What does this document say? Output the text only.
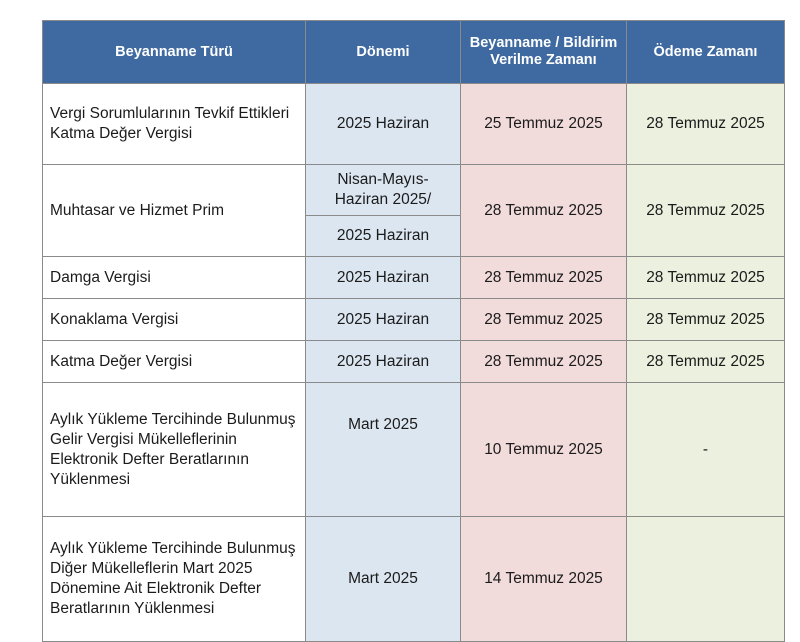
Beyanname Türü	Dönemi	Beyanname / Bildirim Verilme Zamanı	Ödeme Zamanı
Vergi Sorumlularının Tevkif Ettikleri Katma Değer Vergisi	2025 Haziran	25 Temmuz 2025	28 Temmuz 2025
Muhtasar ve Hizmet Prim	Nisan-Mayıs-Haziran 2025/	28 Temmuz 2025	28 Temmuz 2025
	2025 Haziran		
Damga Vergisi	2025 Haziran	28 Temmuz 2025	28 Temmuz 2025
Konaklama Vergisi	2025 Haziran	28 Temmuz 2025	28 Temmuz 2025
Katma Değer Vergisi	2025 Haziran	28 Temmuz 2025	28 Temmuz 2025
Aylık Yükleme Tercihinde Bulunmuş Gelir Vergisi Mükelleflerinin Elektronik Defter Beratlarının Yüklenmesi	Mart 2025	10 Temmuz 2025	-
Aylık Yükleme Tercihinde Bulunmuş Diğer Mükelleflerin Mart 2025 Dönemine Ait Elektronik Defter Beratlarının Yüklenmesi	Mart 2025	14 Temmuz 2025	
